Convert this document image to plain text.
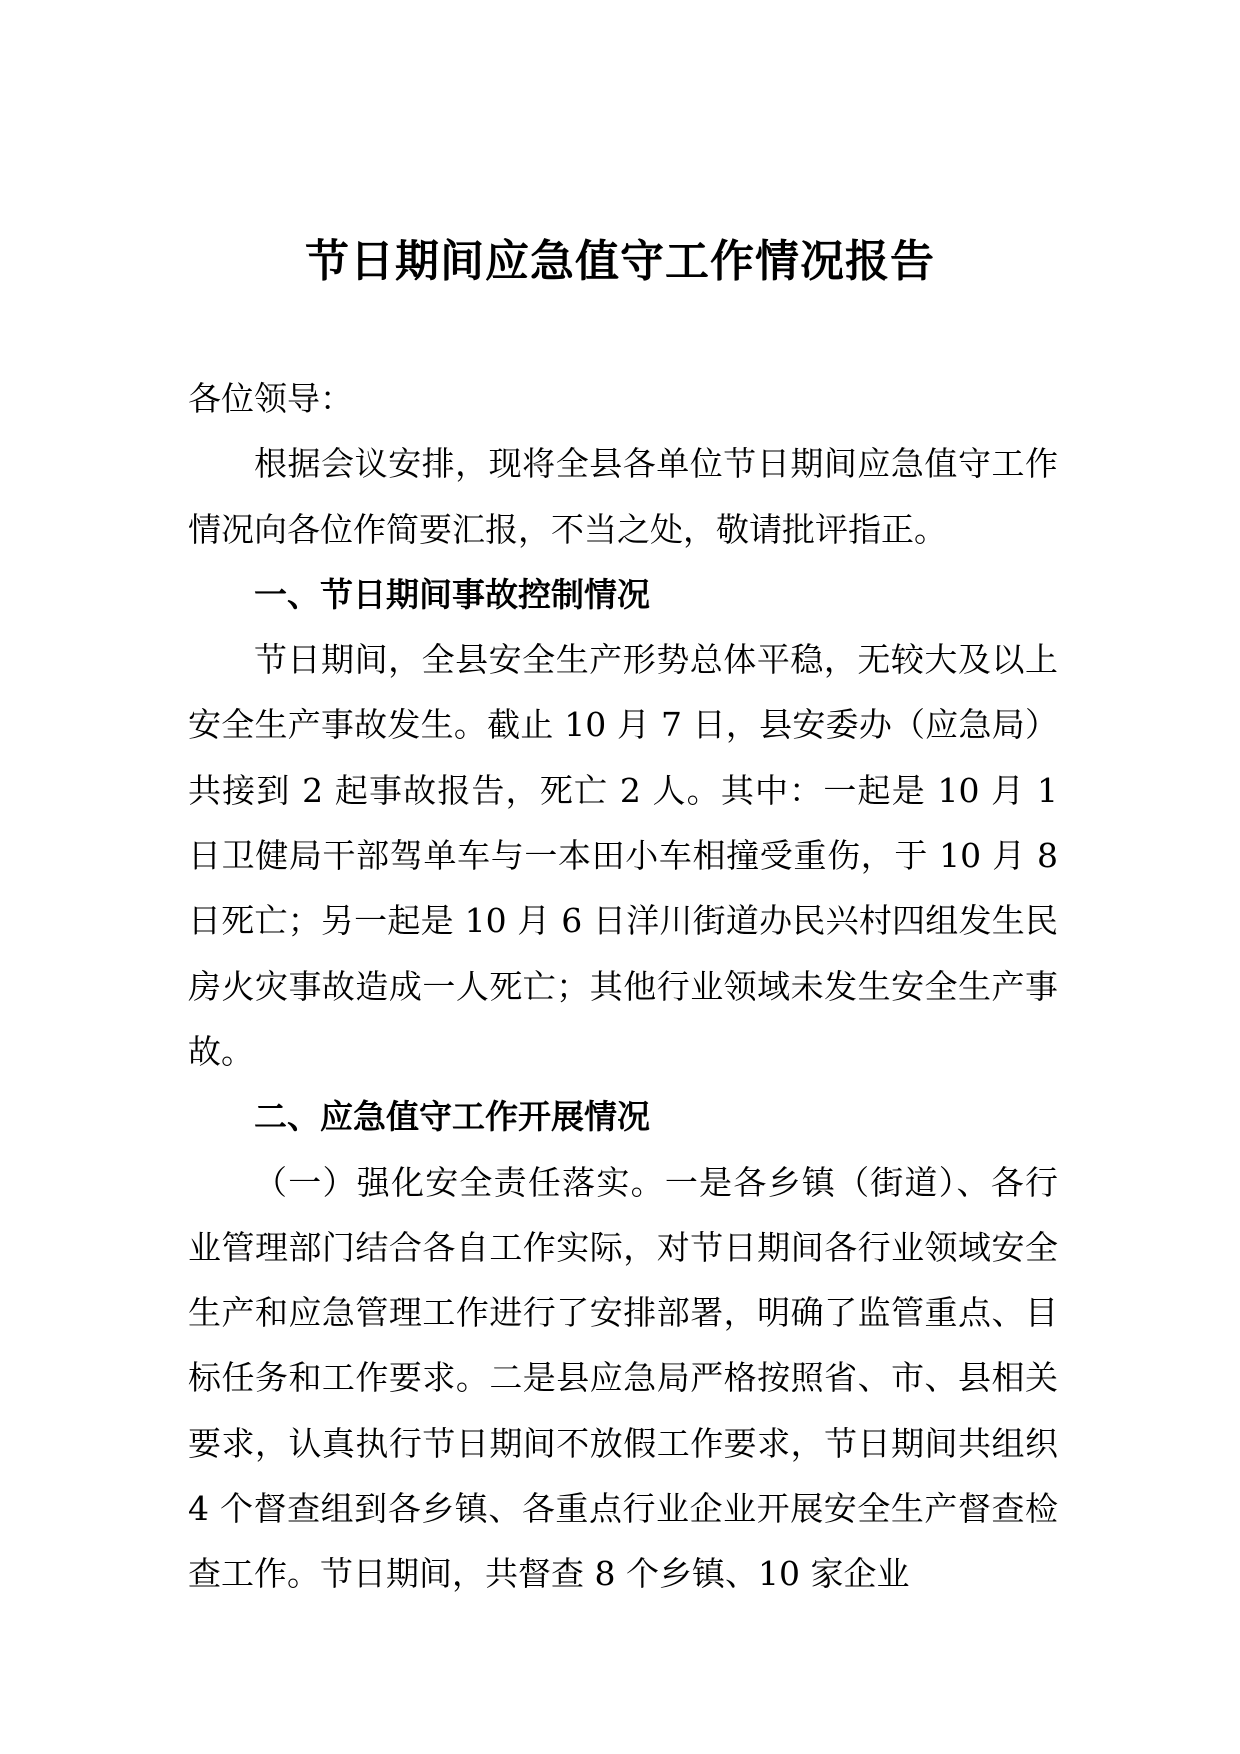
节日期间应急值守工作情况报告

各位领导：

根据会议安排，现将全县各单位节日期间应急值守工作情况向各位作简要汇报，不当之处，敬请批评指正。

一、节日期间事故控制情况

节日期间，全县安全生产形势总体平稳，无较大及以上安全生产事故发生。截止 10 月 7 日，县安委办（应急局）共接到 2 起事故报告，死亡 2 人。其中：一起是 10 月 1 日卫健局干部驾单车与一本田小车相撞受重伤，于 10 月 8 日死亡；另一起是 10 月 6 日洋川街道办民兴村四组发生民房火灾事故造成一人死亡；其他行业领域未发生安全生产事故。

二、应急值守工作开展情况

（一）强化安全责任落实。一是各乡镇（街道）、各行业管理部门结合各自工作实际，对节日期间各行业领域安全生产和应急管理工作进行了安排部署，明确了监管重点、目标任务和工作要求。二是县应急局严格按照省、市、县相关要求，认真执行节日期间不放假工作要求，节日期间共组织 4 个督查组到各乡镇、各重点行业企业开展安全生产督查检查工作。节日期间，共督查 8 个乡镇、10 家企业
